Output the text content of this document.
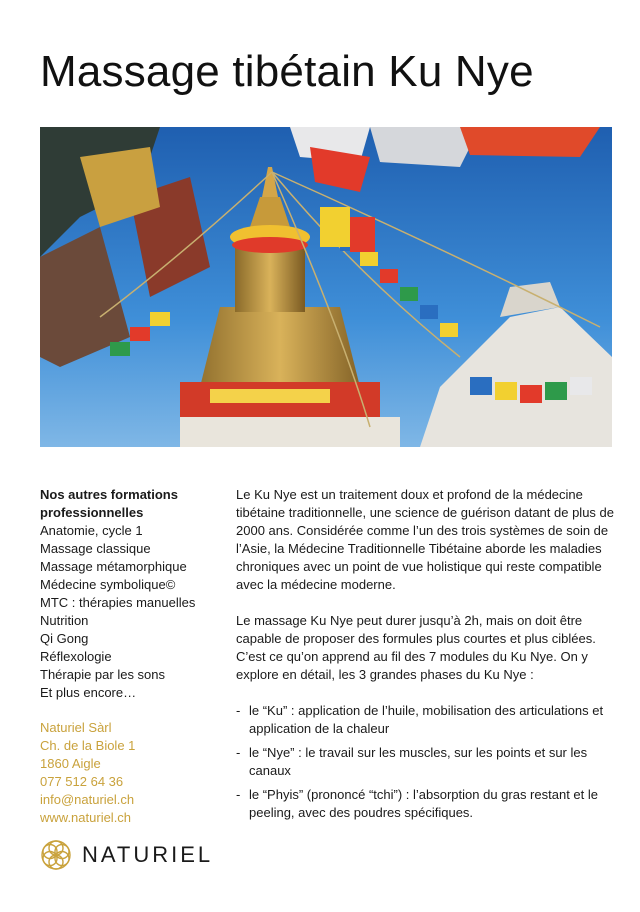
Massage tibétain Ku Nye
Nos autres formations
professionnelles
Anatomie, cycle 1
Massage classique
Massage métamorphique
Médecine symbolique©
MTC : thérapies manuelles
Nutrition
Qi Gong
Réflexologie
Thérapie par les sons
Et plus encore…
Naturiel Sàrl
Ch. de la Biole 1
1860 Aigle
077 512 64 36
info@naturiel.ch
www.naturiel.ch
NATURIEL

Le Ku Nye est un traitement doux et profond de la médecine tibétaine traditionnelle, une science de guérison datant de plus de 2000 ans. Considérée comme l’un des trois systèmes de soin de l’Asie, la Médecine Traditionnelle Tibétaine aborde les maladies chroniques avec un point de vue holistique qui reste compatible avec la médecine moderne.

Le massage Ku Nye peut durer jusqu’à 2h, mais on doit être capable de proposer des formules plus courtes et plus ciblées. C’est ce qu’on apprend au fil des 7 modules du Ku Nye. On y explore en détail, les 3 grandes phases du Ku Nye :

- le “Ku” : application de l’huile, mobilisation des articulations et application de la chaleur
- le “Nye” : le travail sur les muscles, sur les points et sur les canaux
- le “Phyis” (prononcé “tchi”) : l’absorption du gras restant et le peeling, avec des poudres spécifiques.
